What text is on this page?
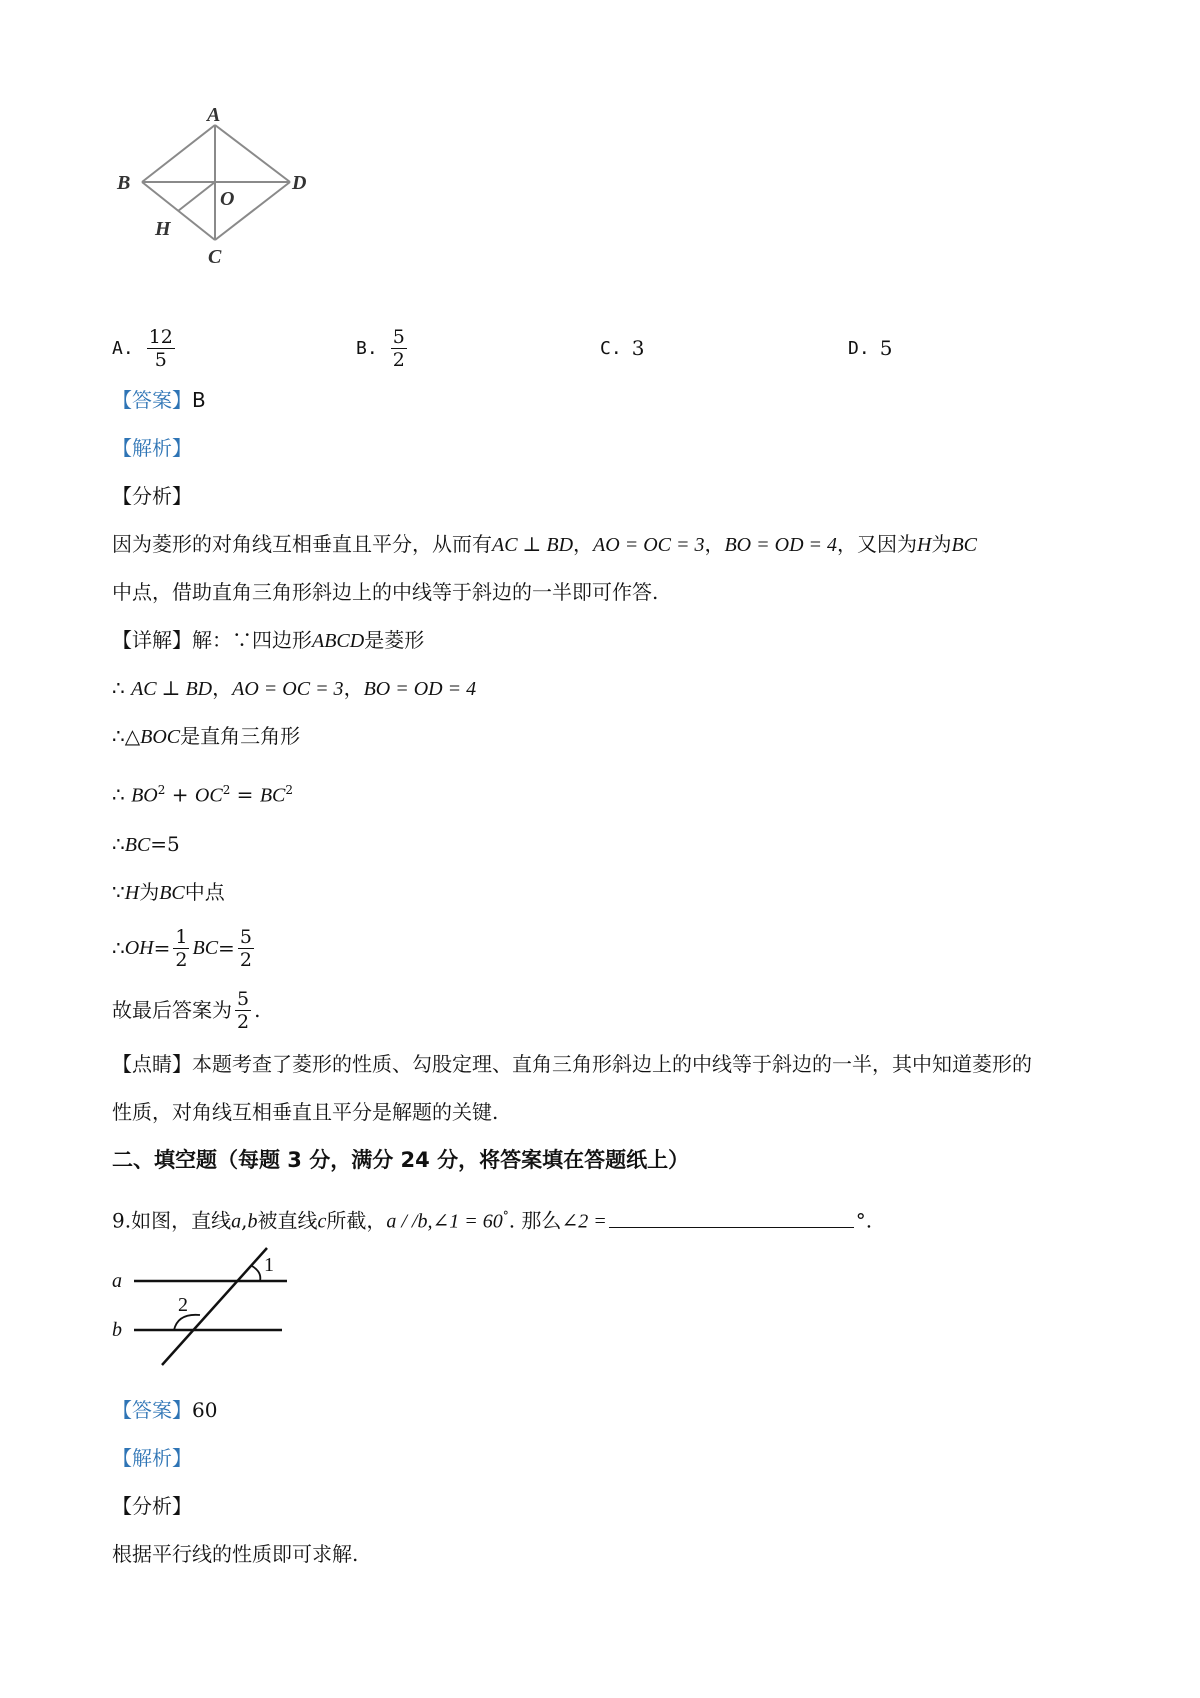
A
B	D
O
H
C
A. $\frac{12}{5}$	B. $\frac{5}{2}$	C. 3	D. 5
【答案】B
【解析】
【分析】
因为菱形的对角线互相垂直且平分，从而有AC ⊥ BD，AO = OC = 3，BO = OD = 4，又因为H为BC
中点，借助直角三角形斜边上的中线等于斜边的一半即可作答.
【详解】解：∵四边形ABCD是菱形
∴ AC ⊥ BD，AO = OC = 3，BO = OD = 4
∴△BOC是直角三角形
∴ $BO^2 + OC^2 = BC^2$
∴BC=5
∵H为BC中点
∴ OH = $\frac{1}{2}$ BC = $\frac{5}{2}$
故最后答案为 $\frac{5}{2}$ .
【点睛】本题考查了菱形的性质、勾股定理、直角三角形斜边上的中线等于斜边的一半，其中知道菱形的
性质，对角线互相垂直且平分是解题的关键.
二、填空题（每题 3 分，满分 24 分，将答案填在答题纸上）
9.如图，直线a,b被直线c所截，a / /b,∠1 = 60°. 那么∠2 =	°.
a
b
1
2
【答案】60
【解析】
【分析】
根据平行线的性质即可求解.
